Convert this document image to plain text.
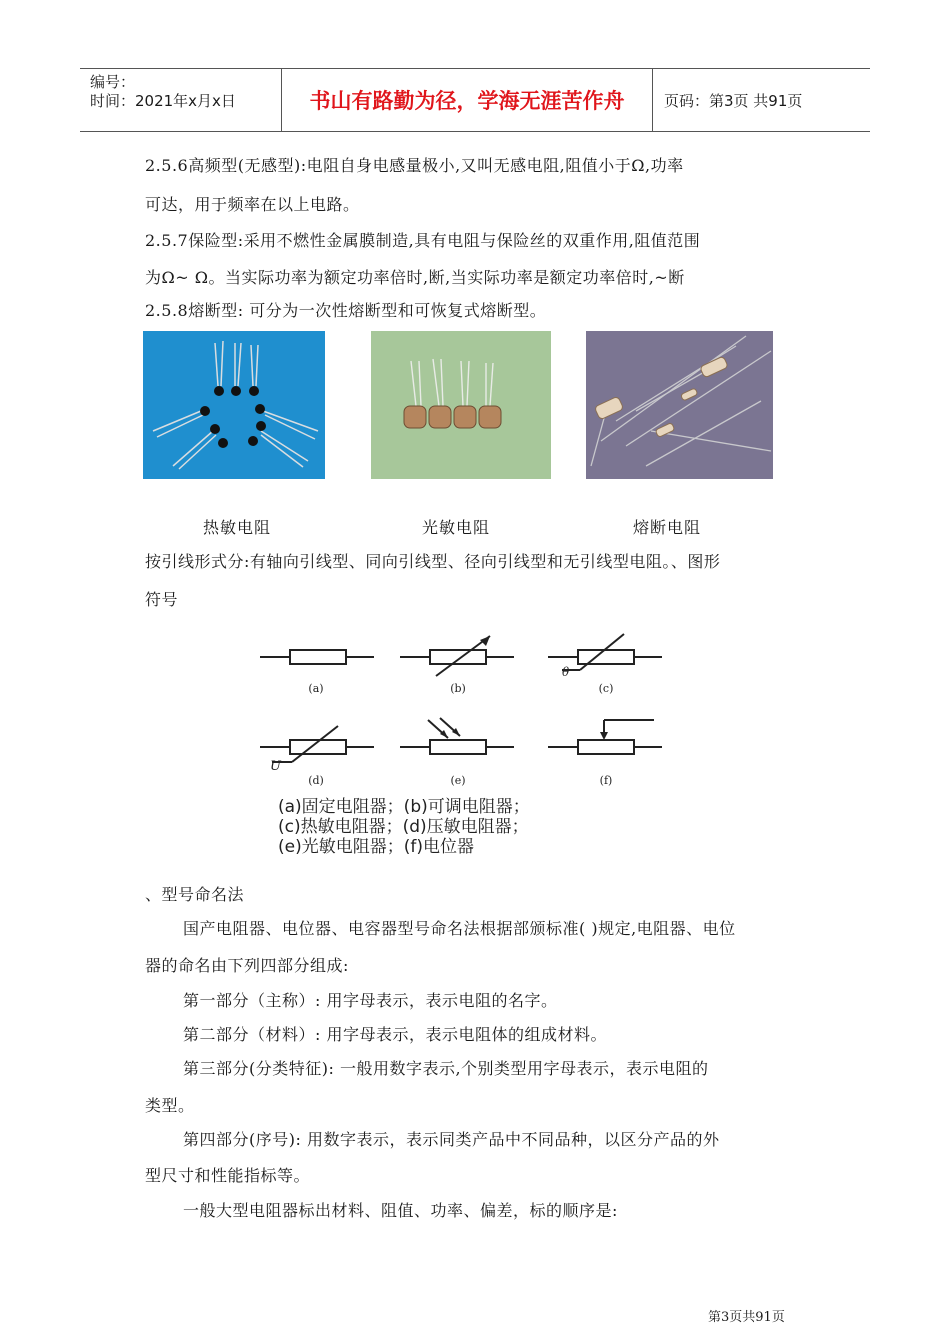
编号：
时间：2021年x月x日	书山有路勤为径，学海无涯苦作舟	页码：第3页 共91页
2.5.6高频型(无感型):电阻自身电感量极小,又叫无感电阻,阻值小于Ω,功率
可达，用于频率在以上电路。
2.5.7保险型:采用不燃性金属膜制造,具有电阻与保险丝的双重作用,阻值范围
为Ω~ Ω。当实际功率为额定功率倍时,断,当实际功率是额定功率倍时,~断
2.5.8熔断型: 可分为一次性熔断型和可恢复式熔断型。
热敏电阻	光敏电阻	熔断电阻
按引线形式分:有轴向引线型、同向引线型、径向引线型和无引线型电阻。、图形
符号
(a)	(b)	(c)
(d)	(e)	(f)
θ
U
(a)固定电阻器；(b)可调电阻器；
(c)热敏电阻器；(d)压敏电阻器；
(e)光敏电阻器；(f)电位器
、型号命名法
国产电阻器、电位器、电容器型号命名法根据部颁标准( )规定,电阻器、电位
器的命名由下列四部分组成:
第一部分（主称）: 用字母表示，表示电阻的名字。
第二部分（材料）: 用字母表示，表示电阻体的组成材料。
第三部分(分类特征): 一般用数字表示,个别类型用字母表示，表示电阻的
类型。
第四部分(序号): 用数字表示，表示同类产品中不同品种，以区分产品的外
型尺寸和性能指标等。
一般大型电阻器标出材料、阻值、功率、偏差，标的顺序是:
第3页共91页
